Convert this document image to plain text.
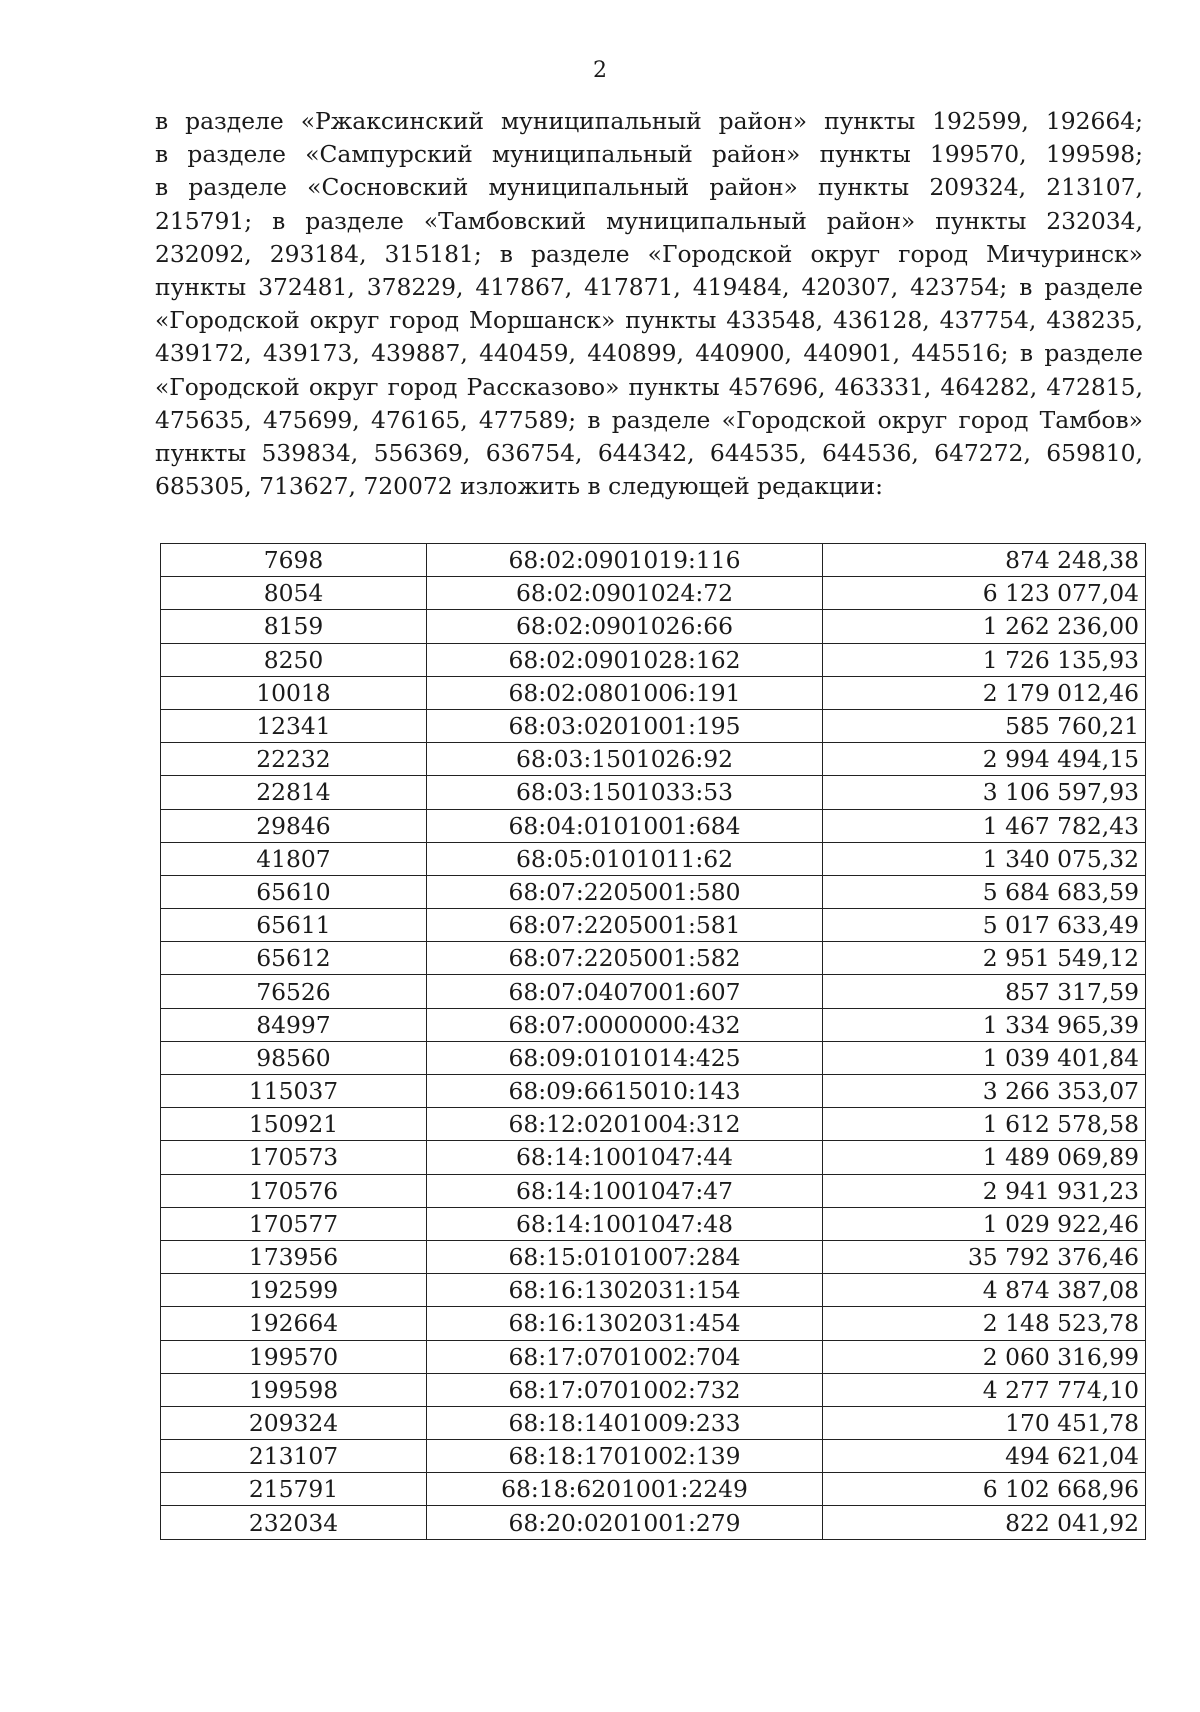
2
в разделе «Ржаксинский муниципальный район» пункты 192599, 192664;
в разделе «Сампурский муниципальный район» пункты 199570, 199598;
в разделе «Сосновский муниципальный район» пункты 209324, 213107,
215791; в разделе «Тамбовский муниципальный район» пункты 232034,
232092, 293184, 315181; в разделе «Городской округ город Мичуринск»
пункты 372481, 378229, 417867, 417871, 419484, 420307, 423754; в разделе
«Городской округ город Моршанск» пункты 433548, 436128, 437754, 438235,
439172, 439173, 439887, 440459, 440899, 440900, 440901, 445516; в разделе
«Городской округ город Рассказово» пункты 457696, 463331, 464282, 472815,
475635, 475699, 476165, 477589; в разделе «Городской округ город Тамбов»
пункты 539834, 556369, 636754, 644342, 644535, 644536, 647272, 659810,
685305, 713627, 720072 изложить в следующей редакции:
7698	68:02:0901019:116	874 248,38
8054	68:02:0901024:72	6 123 077,04
8159	68:02:0901026:66	1 262 236,00
8250	68:02:0901028:162	1 726 135,93
10018	68:02:0801006:191	2 179 012,46
12341	68:03:0201001:195	585 760,21
22232	68:03:1501026:92	2 994 494,15
22814	68:03:1501033:53	3 106 597,93
29846	68:04:0101001:684	1 467 782,43
41807	68:05:0101011:62	1 340 075,32
65610	68:07:2205001:580	5 684 683,59
65611	68:07:2205001:581	5 017 633,49
65612	68:07:2205001:582	2 951 549,12
76526	68:07:0407001:607	857 317,59
84997	68:07:0000000:432	1 334 965,39
98560	68:09:0101014:425	1 039 401,84
115037	68:09:6615010:143	3 266 353,07
150921	68:12:0201004:312	1 612 578,58
170573	68:14:1001047:44	1 489 069,89
170576	68:14:1001047:47	2 941 931,23
170577	68:14:1001047:48	1 029 922,46
173956	68:15:0101007:284	35 792 376,46
192599	68:16:1302031:154	4 874 387,08
192664	68:16:1302031:454	2 148 523,78
199570	68:17:0701002:704	2 060 316,99
199598	68:17:0701002:732	4 277 774,10
209324	68:18:1401009:233	170 451,78
213107	68:18:1701002:139	494 621,04
215791	68:18:6201001:2249	6 102 668,96
232034	68:20:0201001:279	822 041,92
